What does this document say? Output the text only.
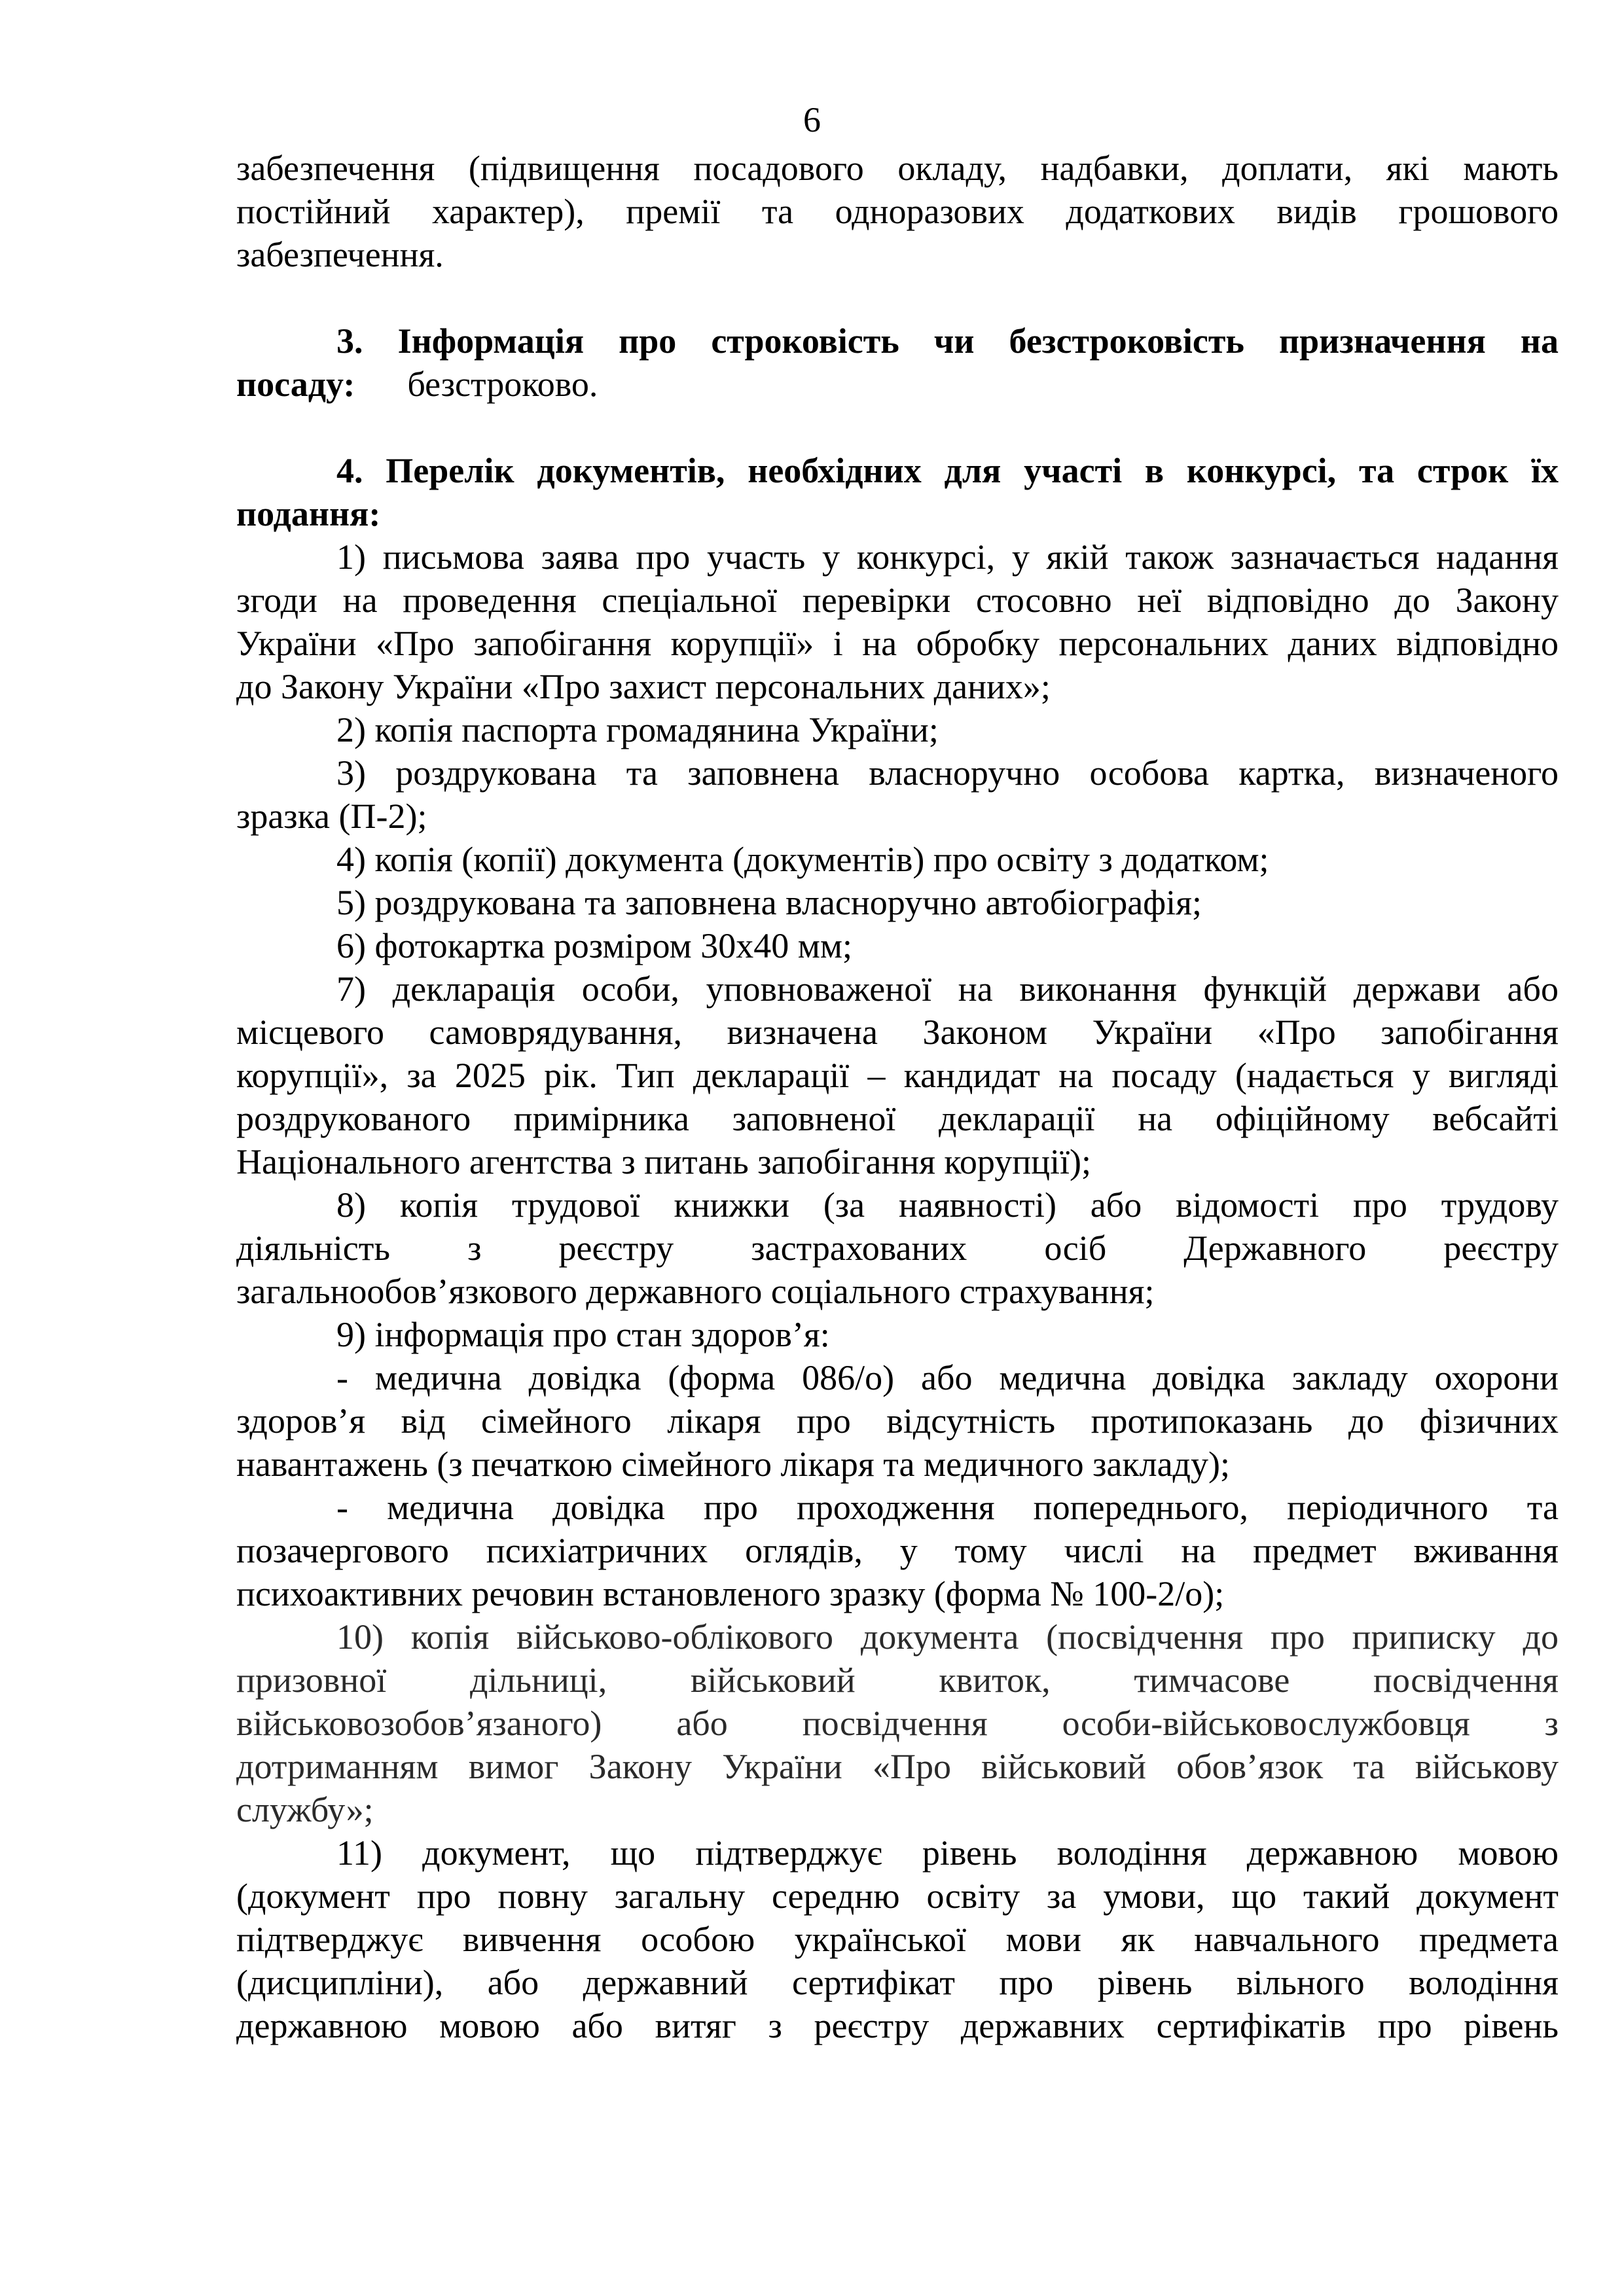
6
забезпечення (підвищення посадового окладу, надбавки, доплати, які мають
постійний характер), премії та одноразових додаткових видів грошового
забезпечення.
3. Інформація про строковість чи безстроковість призначення на
посаду: безстроково.
4. Перелік документів, необхідних для участі в конкурсі, та строк їх
подання:
1) письмова заява про участь у конкурсі, у якій також зазначається надання
згоди на проведення спеціальної перевірки стосовно неї відповідно до Закону
України «Про запобігання корупції» і на обробку персональних даних відповідно
до Закону України «Про захист персональних даних»;
2) копія паспорта громадянина України;
3) роздрукована та заповнена власноручно особова картка, визначеного
зразка (П-2);
4) копія (копії) документа (документів) про освіту з додатком;
5) роздрукована та заповнена власноручно автобіографія;
6) фотокартка розміром 30х40 мм;
7) декларація особи, уповноваженої на виконання функцій держави або
місцевого самоврядування, визначена Законом України «Про запобігання
корупції», за 2025 рік. Тип декларації – кандидат на посаду (надається у вигляді
роздрукованого примірника заповненої декларації на офіційному вебсайті
Національного агентства з питань запобігання корупції);
8) копія трудової книжки (за наявності) або відомості про трудову
діяльність з реєстру застрахованих осіб Державного реєстру
загальнообов’язкового державного соціального страхування;
9) інформація про стан здоров’я:
- медична довідка (форма 086/о) або медична довідка закладу охорони
здоров’я від сімейного лікаря про відсутність протипоказань до фізичних
навантажень (з печаткою сімейного лікаря та медичного закладу);
- медична довідка про проходження попереднього, періодичного та
позачергового психіатричних оглядів, у тому числі на предмет вживання
психоактивних речовин встановленого зразку (форма № 100-2/о);
10) копія військово-облікового документа (посвідчення про приписку до
призовної дільниці, військовий квиток, тимчасове посвідчення
військовозобов’язаного) або посвідчення особи-військовослужбовця з
дотриманням вимог Закону України «Про військовий обов’язок та військову
службу»;
11) документ, що підтверджує рівень володіння державною мовою
(документ про повну загальну середню освіту за умови, що такий документ
підтверджує вивчення особою української мови як навчального предмета
(дисципліни), або державний сертифікат про рівень вільного володіння
державною мовою або витяг з реєстру державних сертифікатів про рівень
